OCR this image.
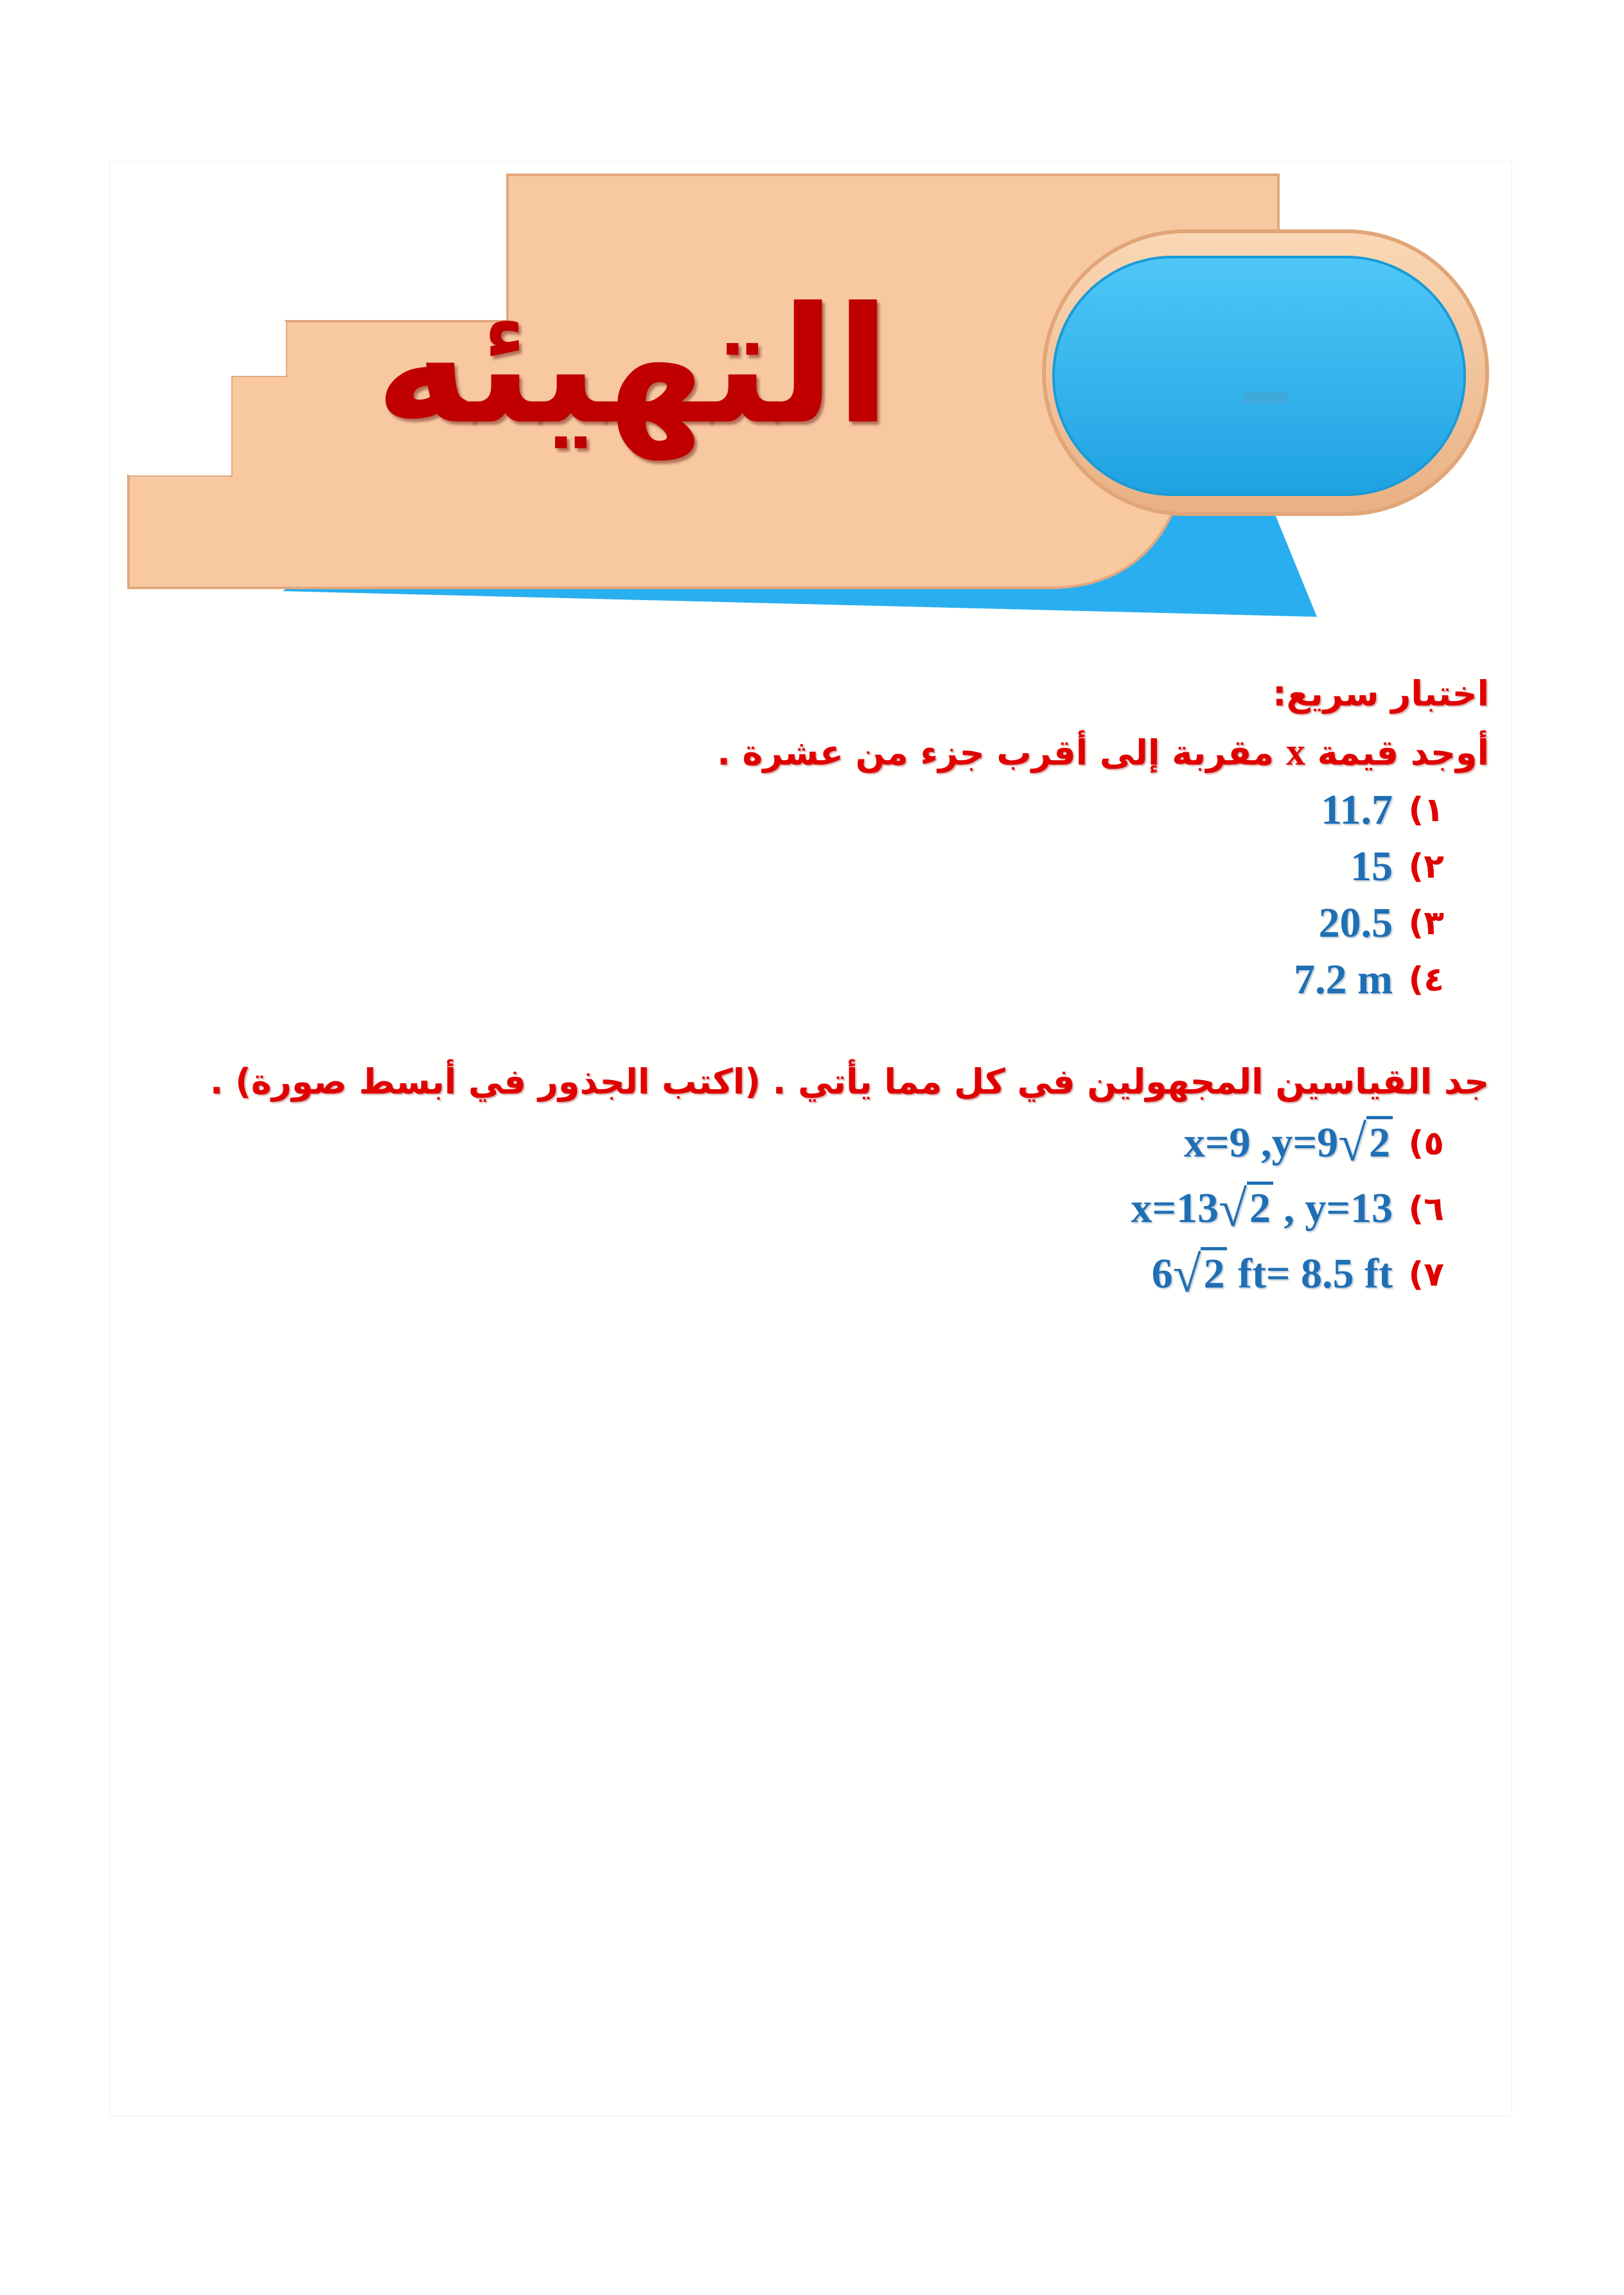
التهيئه

اختبار سريع:

أوجد قيمة x مقربة إلى أقرب جزء من عشرة .

١)
11.7
٢)
15
٣)
20.5
٤)
7.2 m

جد القياسين المجهولين في كل مما يأتي . (اكتب الجذور في أبسط صورة) .

٥)
x=9 ,y=9√2
٦)
x=13√2 , y=13
٧)
6√2 ft= 8.5 ft
